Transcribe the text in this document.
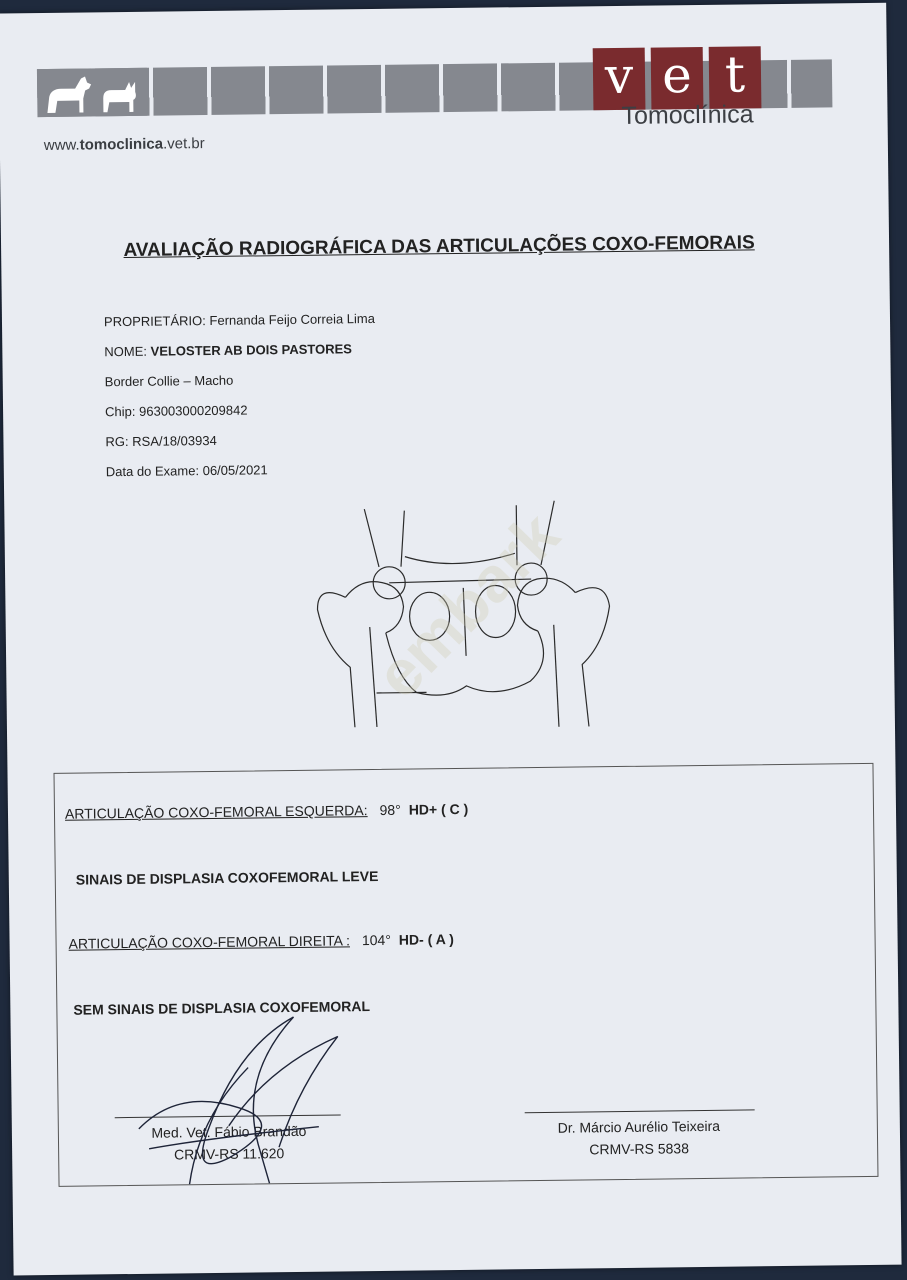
v e t
Tomoclínica
www.tomoclinica.vet.br
AVALIAÇÃO RADIOGRÁFICA DAS ARTICULAÇÕES COXO-FEMORAIS
PROPRIETÁRIO: Fernanda Feijo Correia Lima
NOME: VELOSTER AB DOIS PASTORES
Border Collie – Macho
Chip: 963003000209842
RG: RSA/18/03934
Data do Exame: 06/05/2021
embark
ARTICULAÇÃO COXO-FEMORAL ESQUERDA: 98° HD+ ( C )
SINAIS DE DISPLASIA COXOFEMORAL LEVE
ARTICULAÇÃO COXO-FEMORAL DIREITA : 104° HD- ( A )
SEM SINAIS DE DISPLASIA COXOFEMORAL
Med. Vet. Fábio Brandão
CRMV-RS 11.620
Dr. Márcio Aurélio Teixeira
CRMV-RS 5838
